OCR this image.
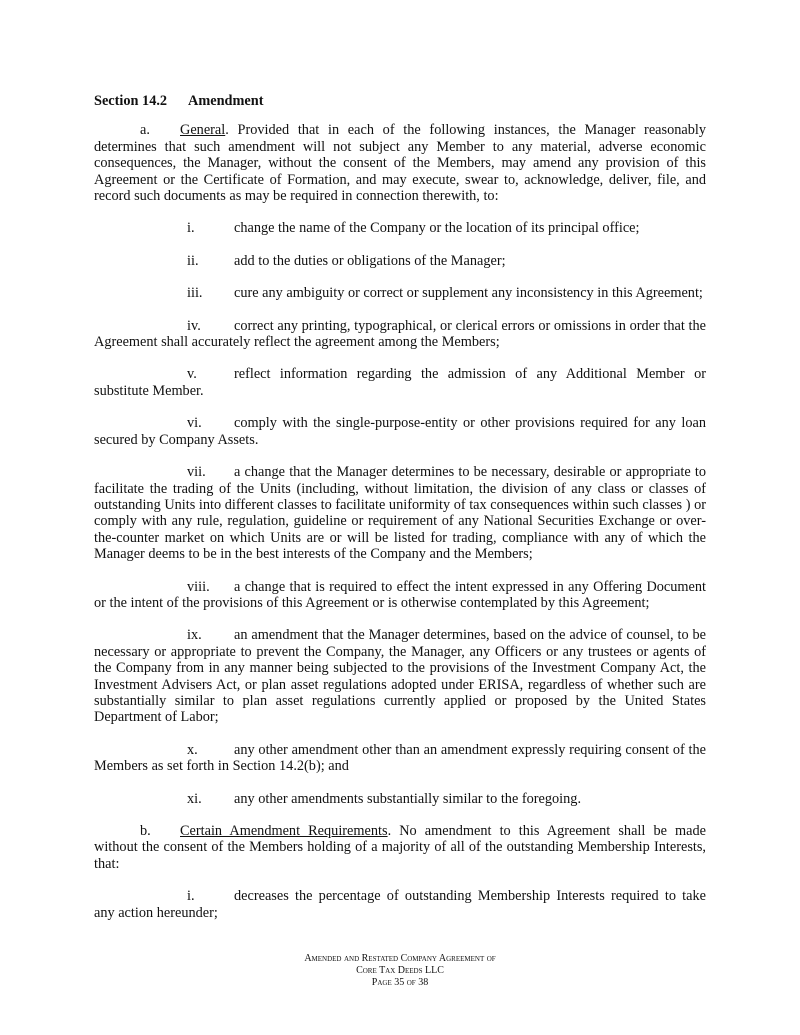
Section 14.2 Amendment

a. General. Provided that in each of the following instances, the Manager reasonably determines that such amendment will not subject any Member to any material, adverse economic consequences, the Manager, without the consent of the Members, may amend any provision of this Agreement or the Certificate of Formation, and may execute, swear to, acknowledge, deliver, file, and record such documents as may be required in connection therewith, to:

i.	change the name of the Company or the location of its principal office;

ii. add to the duties or obligations of the Manager;

iii. cure any ambiguity or correct or supplement any inconsistency in this Agreement;

iv. correct any printing, typographical, or clerical errors or omissions in order that the Agreement shall accurately reflect the agreement among the Members;

v.	reflect information regarding the admission of any Additional Member or substitute Member.

vi. comply with the single-purpose-entity or other provisions required for any loan secured by Company Assets.

vii. a change that the Manager determines to be necessary, desirable or appropriate to facilitate the trading of the Units (including, without limitation, the division of any class or classes of outstanding Units into different classes to facilitate uniformity of tax consequences within such classes ) or comply with any rule, regulation, guideline or requirement of any National Securities Exchange or over-the-counter market on which Units are or will be listed for trading, compliance with any of which the Manager deems to be in the best interests of the Company and the Members;

viii. a change that is required to effect the intent expressed in any Offering Document or the intent of the provisions of this Agreement or is otherwise contemplated by this Agreement;

ix. an amendment that the Manager determines, based on the advice of counsel, to be necessary or appropriate to prevent the Company, the Manager, any Officers or any trustees or agents of the Company from in any manner being subjected to the provisions of the Investment Company Act, the Investment Advisers Act, or plan asset regulations adopted under ERISA, regardless of whether such are substantially similar to plan asset regulations currently applied or proposed by the United States Department of Labor;

x.	any other amendment other than an amendment expressly requiring consent of the Members as set forth in Section 14.2(b); and

xi. any other amendments substantially similar to the foregoing.

b. Certain Amendment Requirements. No amendment to this Agreement shall be made without the consent of the Members holding of a majority of all of the outstanding Membership Interests, that:

i.	decreases the percentage of outstanding Membership Interests required to take any action hereunder;

Amended and Restated Company Agreement of
Core Tax Deeds LLC
Page 35 of 38
